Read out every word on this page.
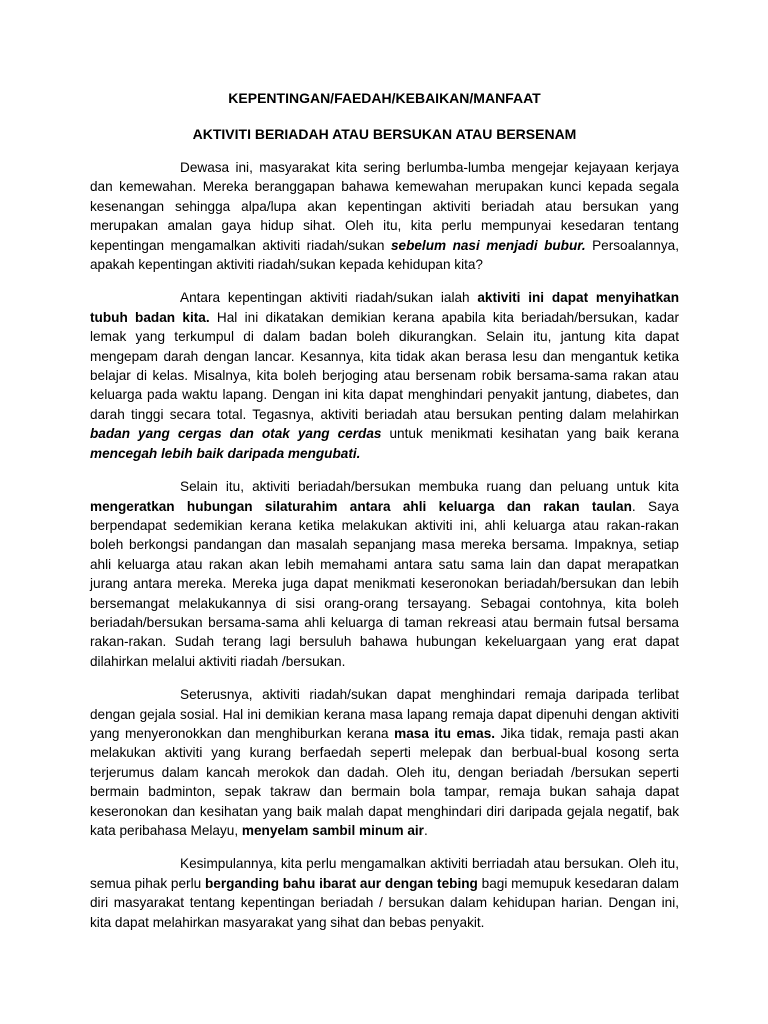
KEPENTINGAN/FAEDAH/KEBAIKAN/MANFAAT
AKTIVITI BERIADAH ATAU BERSUKAN ATAU BERSENAM

Dewasa ini, masyarakat kita sering berlumba-lumba mengejar kejayaan kerjaya dan kemewahan. Mereka beranggapan bahawa kemewahan merupakan kunci kepada segala kesenangan sehingga alpa/lupa akan kepentingan aktiviti beriadah atau bersukan yang merupakan amalan gaya hidup sihat. Oleh itu, kita perlu mempunyai kesedaran tentang kepentingan mengamalkan aktiviti riadah/sukan sebelum nasi menjadi bubur. Persoalannya, apakah kepentingan aktiviti riadah/sukan kepada kehidupan kita?

Antara kepentingan aktiviti riadah/sukan ialah aktiviti ini dapat menyihatkan tubuh badan kita. Hal ini dikatakan demikian kerana apabila kita beriadah/bersukan, kadar lemak yang terkumpul di dalam badan boleh dikurangkan. Selain itu, jantung kita dapat mengepam darah dengan lancar. Kesannya, kita tidak akan berasa lesu dan mengantuk ketika belajar di kelas. Misalnya, kita boleh berjoging atau bersenam robik bersama-sama rakan atau keluarga pada waktu lapang. Dengan ini kita dapat menghindari penyakit jantung, diabetes, dan darah tinggi secara total. Tegasnya, aktiviti beriadah atau bersukan penting dalam melahirkan badan yang cergas dan otak yang cerdas untuk menikmati kesihatan yang baik kerana mencegah lebih baik daripada mengubati.

Selain itu, aktiviti beriadah/bersukan membuka ruang dan peluang untuk kita mengeratkan hubungan silaturahim antara ahli keluarga dan rakan taulan. Saya berpendapat sedemikian kerana ketika melakukan aktiviti ini, ahli keluarga atau rakan-rakan boleh berkongsi pandangan dan masalah sepanjang masa mereka bersama. Impaknya, setiap ahli keluarga atau rakan akan lebih memahami antara satu sama lain dan dapat merapatkan jurang antara mereka. Mereka juga dapat menikmati keseronokan beriadah/bersukan dan lebih bersemangat melakukannya di sisi orang-orang tersayang. Sebagai contohnya, kita boleh beriadah/bersukan bersama-sama ahli keluarga di taman rekreasi atau bermain futsal bersama rakan-rakan. Sudah terang lagi bersuluh bahawa hubungan kekeluargaan yang erat dapat dilahirkan melalui aktiviti riadah /bersukan.

Seterusnya, aktiviti riadah/sukan dapat menghindari remaja daripada terlibat dengan gejala sosial. Hal ini demikian kerana masa lapang remaja dapat dipenuhi dengan aktiviti yang menyeronokkan dan menghiburkan kerana masa itu emas. Jika tidak, remaja pasti akan melakukan aktiviti yang kurang berfaedah seperti melepak dan berbual-bual kosong serta terjerumus dalam kancah merokok dan dadah. Oleh itu, dengan beriadah /bersukan seperti bermain badminton, sepak takraw dan bermain bola tampar, remaja bukan sahaja dapat keseronokan dan kesihatan yang baik malah dapat menghindari diri daripada gejala negatif, bak kata peribahasa Melayu, menyelam sambil minum air.

Kesimpulannya, kita perlu mengamalkan aktiviti berriadah atau bersukan. Oleh itu, semua pihak perlu berganding bahu ibarat aur dengan tebing bagi memupuk kesedaran dalam diri masyarakat tentang kepentingan beriadah / bersukan dalam kehidupan harian. Dengan ini, kita dapat melahirkan masyarakat yang sihat dan bebas penyakit.
